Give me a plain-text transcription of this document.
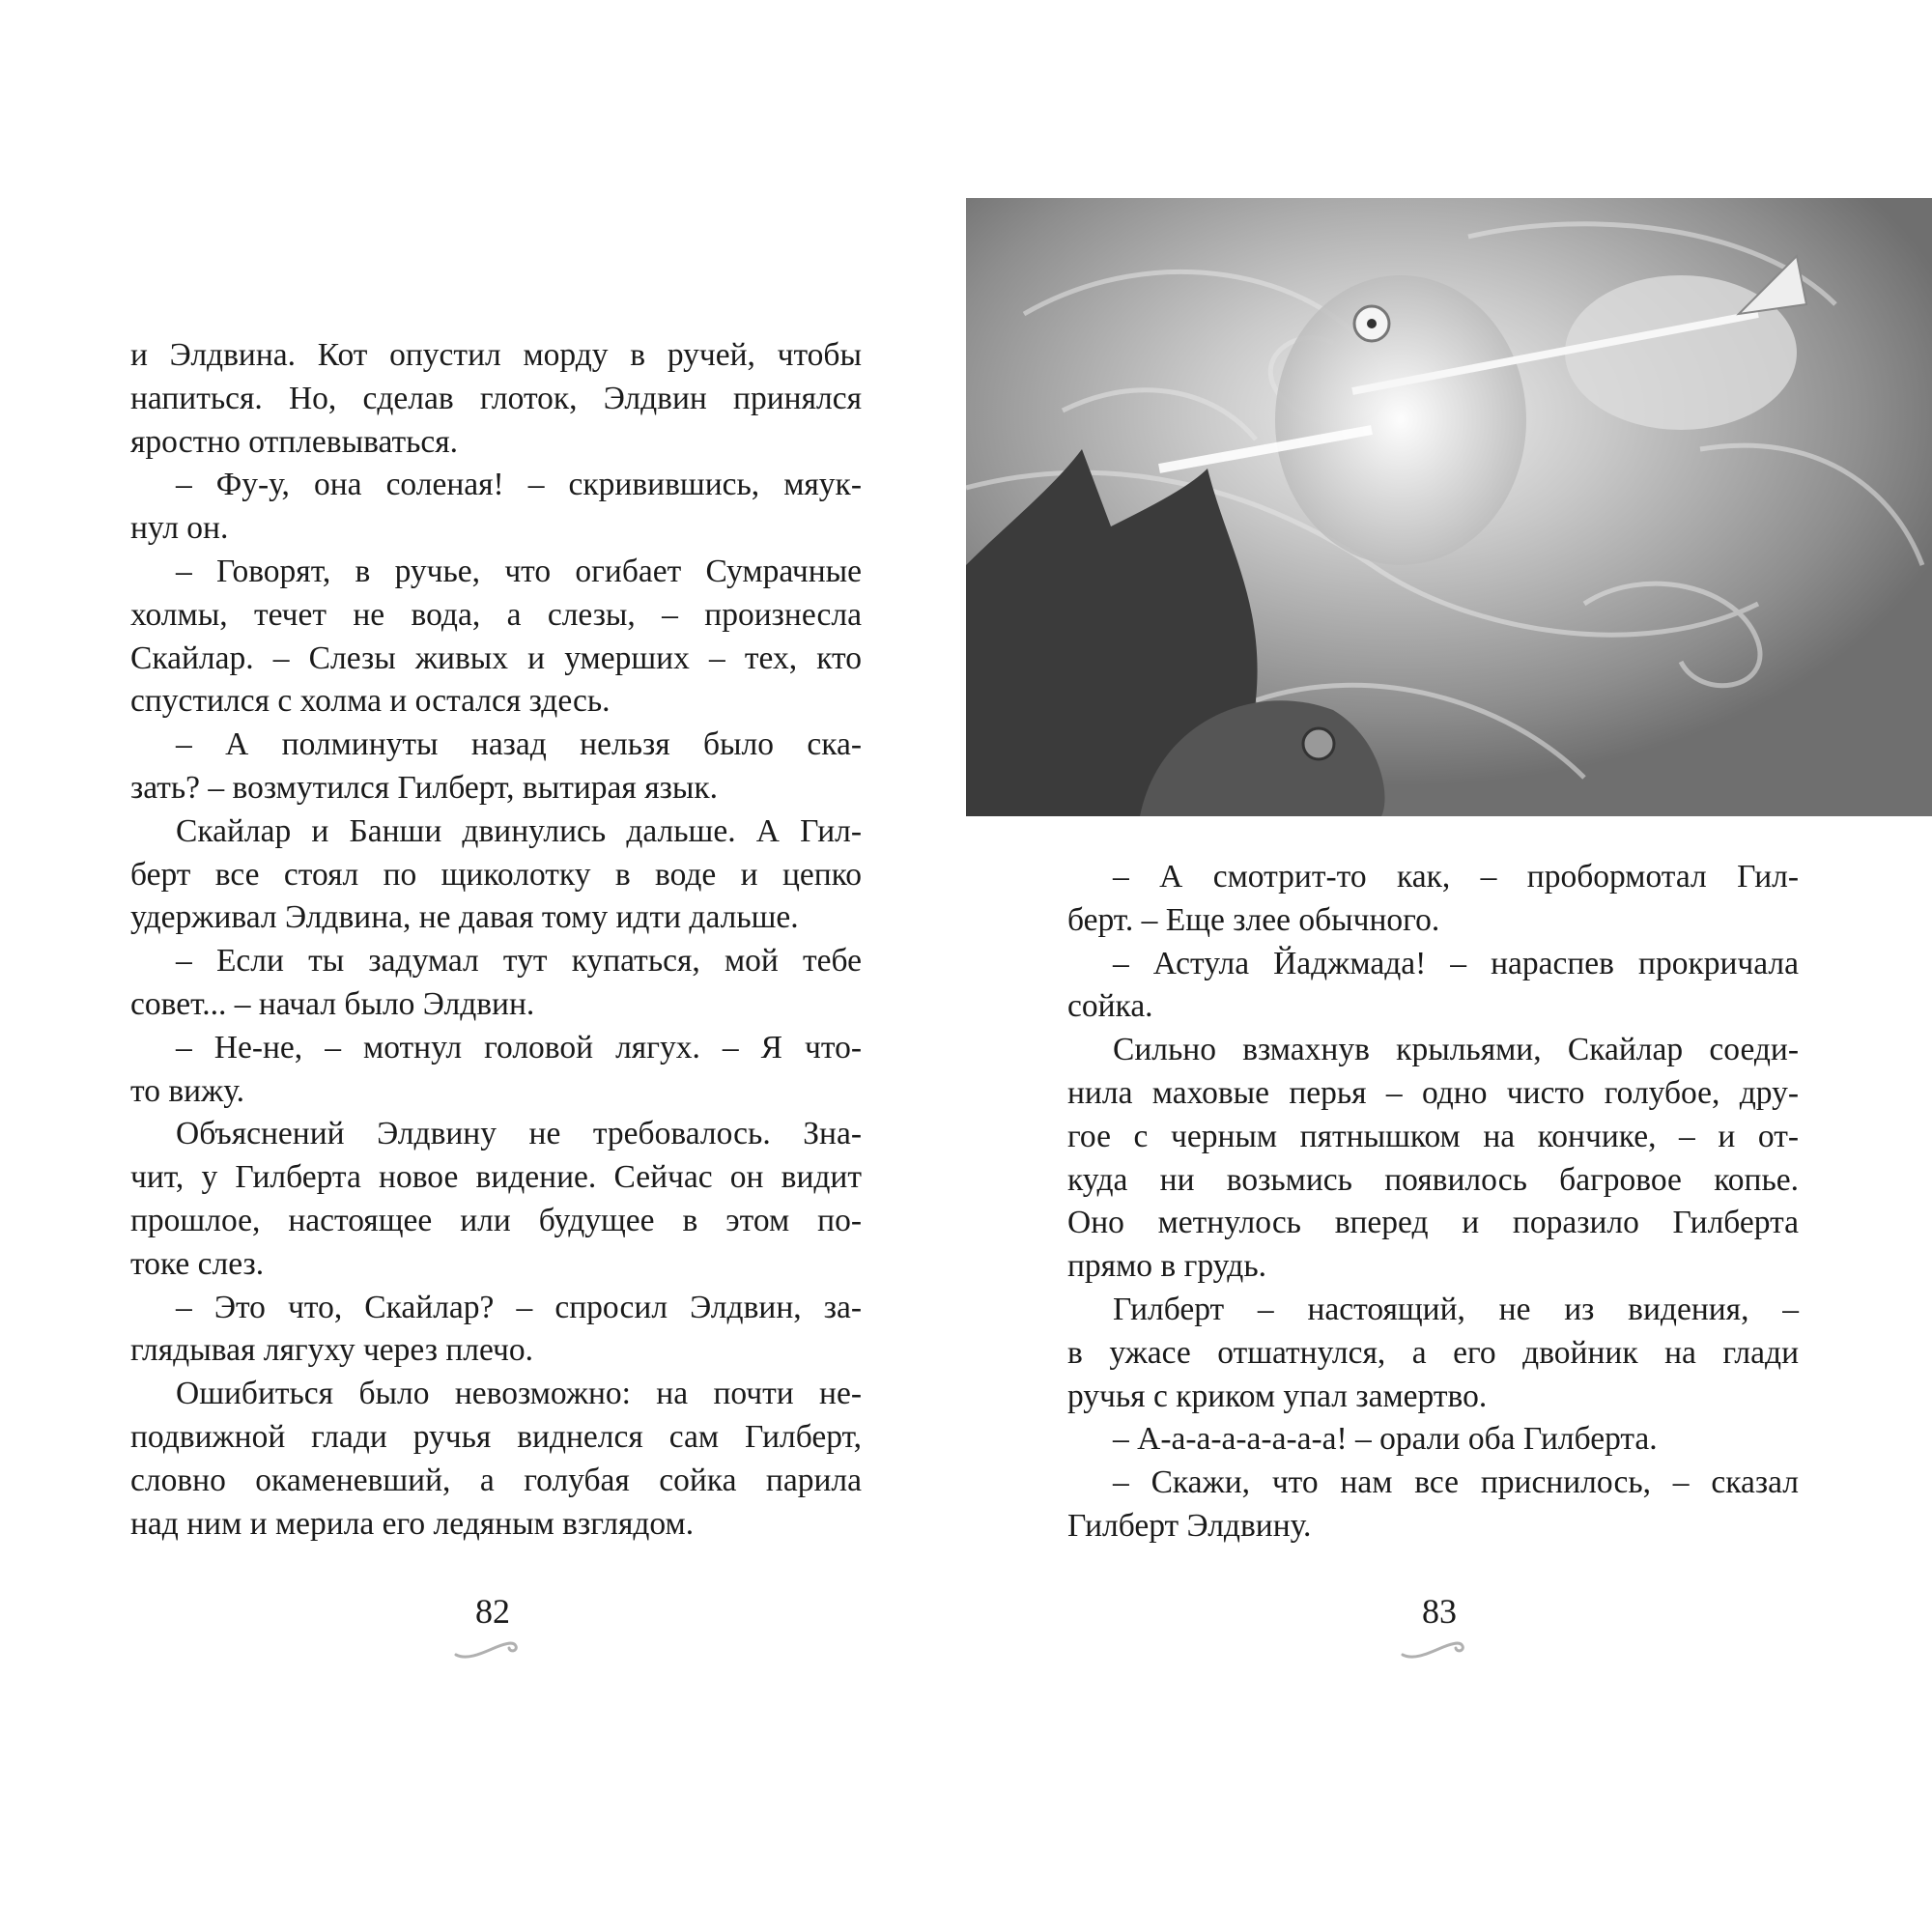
и Элдвина. Кот опустил морду в ручей, чтобы
напиться. Но, сделав глоток, Элдвин принялся
яростно отплевываться.
– Фу-у, она соленая! – скривившись, мяук-
нул он.
– Говорят, в ручье, что огибает Сумрачные
холмы, течет не вода, а слезы, – произнесла
Скайлар. – Слезы живых и умерших – тех, кто
спустился с холма и остался здесь.
– А полминуты назад нельзя было ска-
зать? – возмутился Гилберт, вытирая язык.
Скайлар и Банши двинулись дальше. А Гил-
берт все стоял по щиколотку в воде и цепко
удерживал Элдвина, не давая тому идти дальше.
– Если ты задумал тут купаться, мой тебе
совет... – начал было Элдвин.
– Не-не, – мотнул головой лягух. – Я что-
то вижу.
Объяснений Элдвину не требовалось. Зна-
чит, у Гилберта новое видение. Сейчас он видит
прошлое, настоящее или будущее в этом по-
токе слез.
– Это что, Скайлар? – спросил Элдвин, за-
глядывая лягуху через плечо.
Ошибиться было невозможно: на почти не-
подвижной глади ручья виднелся сам Гилберт,
словно окаменевший, а голубая сойка парила
над ним и мерила его ледяным взглядом.
82
– А смотрит-то как, – пробормотал Гил-
берт. – Еще злее обычного.
– Астула Йаджмада! – нараспев прокричала
сойка.
Сильно взмахнув крыльями, Скайлар соеди-
нила маховые перья – одно чисто голубое, дру-
гое с черным пятнышком на кончике, – и от-
куда ни возьмись появилось багровое копье.
Оно метнулось вперед и поразило Гилберта
прямо в грудь.
Гилберт – настоящий, не из видения, –
в ужасе отшатнулся, а его двойник на глади
ручья с криком упал замертво.
– А-а-а-а-а-а-а-а! – орали оба Гилберта.
– Скажи, что нам все приснилось, – сказал
Гилберт Элдвину.
83
